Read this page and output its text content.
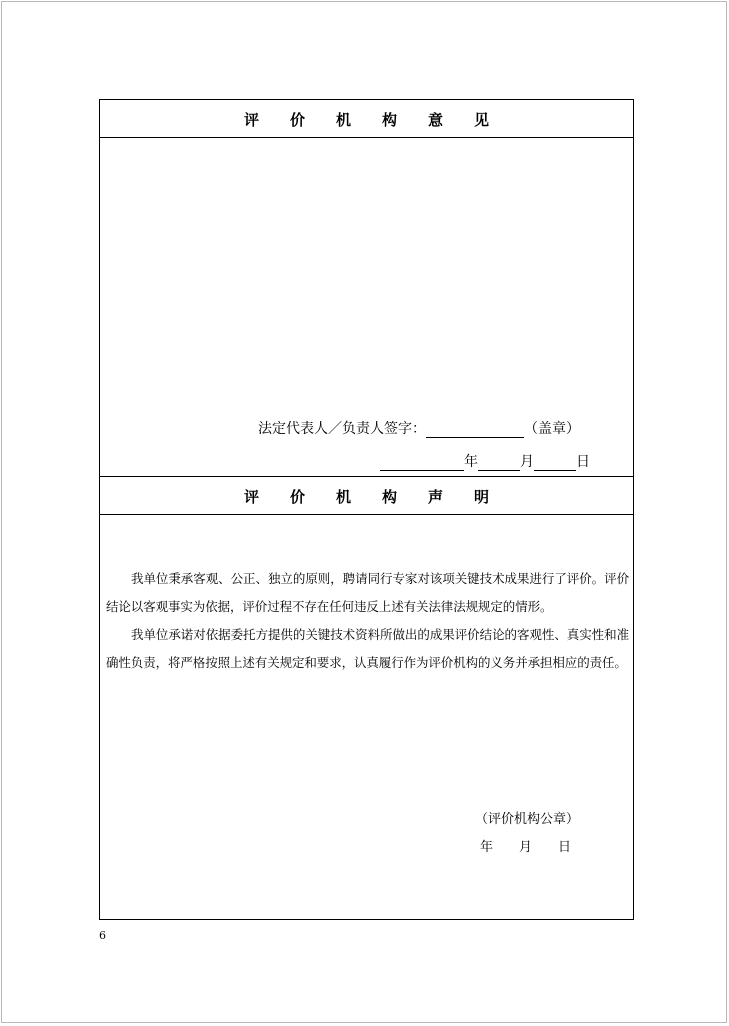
评	价	机	构	意	见
法定代表人／负责人签字：	（盖章）
年	月	日
评	价	机	构	声	明
我单位秉承客观、公正、独立的原则，聘请同行专家对该项关键技术成果进行了评价。评价结论以客观事实为依据，评价过程不存在任何违反上述有关法律法规规定的情形。
我单位承诺对依据委托方提供的关键技术资料所做出的成果评价结论的客观性、真实性和准确性负责，将严格按照上述有关规定和要求，认真履行作为评价机构的义务并承担相应的责任。
（评价机构公章）
年　　月　　日
6
